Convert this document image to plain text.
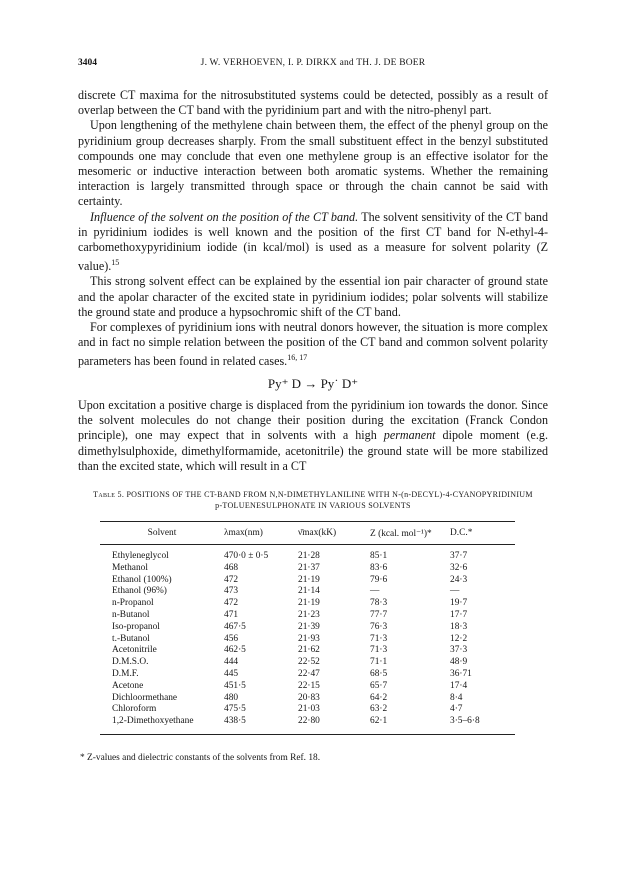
3404	J. W. VERHOEVEN, I. P. DIRKX and TH. J. DE BOER

discrete CT maxima for the nitrosubstituted systems could be detected, possibly as a result of overlap between the CT band with the pyridinium part and with the nitro-phenyl part.

Upon lengthening of the methylene chain between them, the effect of the phenyl group on the pyridinium group decreases sharply. From the small substituent effect in the benzyl substituted compounds one may conclude that even one methylene group is an effective isolator for the mesomeric or inductive interaction between both aromatic systems. Whether the remaining interaction is largely transmitted through space or through the chain cannot be said with certainty.

Influence of the solvent on the position of the CT band. The solvent sensitivity of the CT band in pyridinium iodides is well known and the position of the first CT band for N-ethyl-4-carbomethoxypyridinium iodide (in kcal/mol) is used as a measure for solvent polarity (Z value).$^{15}$

This strong solvent effect can be explained by the essential ion pair character of ground state and the apolar character of the excited state in pyridinium iodides; polar solvents will stabilize the ground state and produce a hypsochromic shift of the CT band.

For complexes of pyridinium ions with neutral donors however, the situation is more complex and in fact no simple relation between the position of the CT band and common solvent polarity parameters has been found in related cases.$^{16, 17}$

Py⁺ D → Py˙ D⁺

Upon excitation a positive charge is displaced from the pyridinium ion towards the donor. Since the solvent molecules do not change their position during the excitation (Franck Condon principle), one may expect that in solvents with a high permanent dipole moment (e.g. dimethylsulphoxide, dimethylformamide, acetonitrile) the ground state will be more stabilized than the excited state, which will result in a CT

Table 5. POSITIONS OF THE CT-BAND FROM N,N-DIMETHYLANILINE WITH N-(n-DECYL)-4-CYANOPYRIDINIUM
p-TOLUENESULPHONATE IN VARIOUS SOLVENTS
Solvent	λmax(nm)	ν̄max(kK)	Z (kcal. mol⁻¹)*	D.C.*
Ethyleneglycol	470·0 ± 0·5	21·28	85·1	37·7
Methanol	468	21·37	83·6	32·6
Ethanol (100%)	472	21·19	79·6	24·3
Ethanol (96%)	473	21·14	—	—
n-Propanol	472	21·19	78·3	19·7
n-Butanol	471	21·23	77·7	17·7
Iso-propanol	467·5	21·39	76·3	18·3
t.-Butanol	456	21·93	71·3	12·2
Acetonitrile	462·5	21·62	71·3	37·3
D.M.S.O.	444	22·52	71·1	48·9
D.M.F.	445	22·47	68·5	36·71
Acetone	451·5	22·15	65·7	17·4
Dichloormethane	480	20·83	64·2	8·4
Chloroform	475·5	21·03	63·2	4·7
1,2-Dimethoxyethane	438·5	22·80	62·1	3·5–6·8
* Z-values and dielectric constants of the solvents from Ref. 18.
